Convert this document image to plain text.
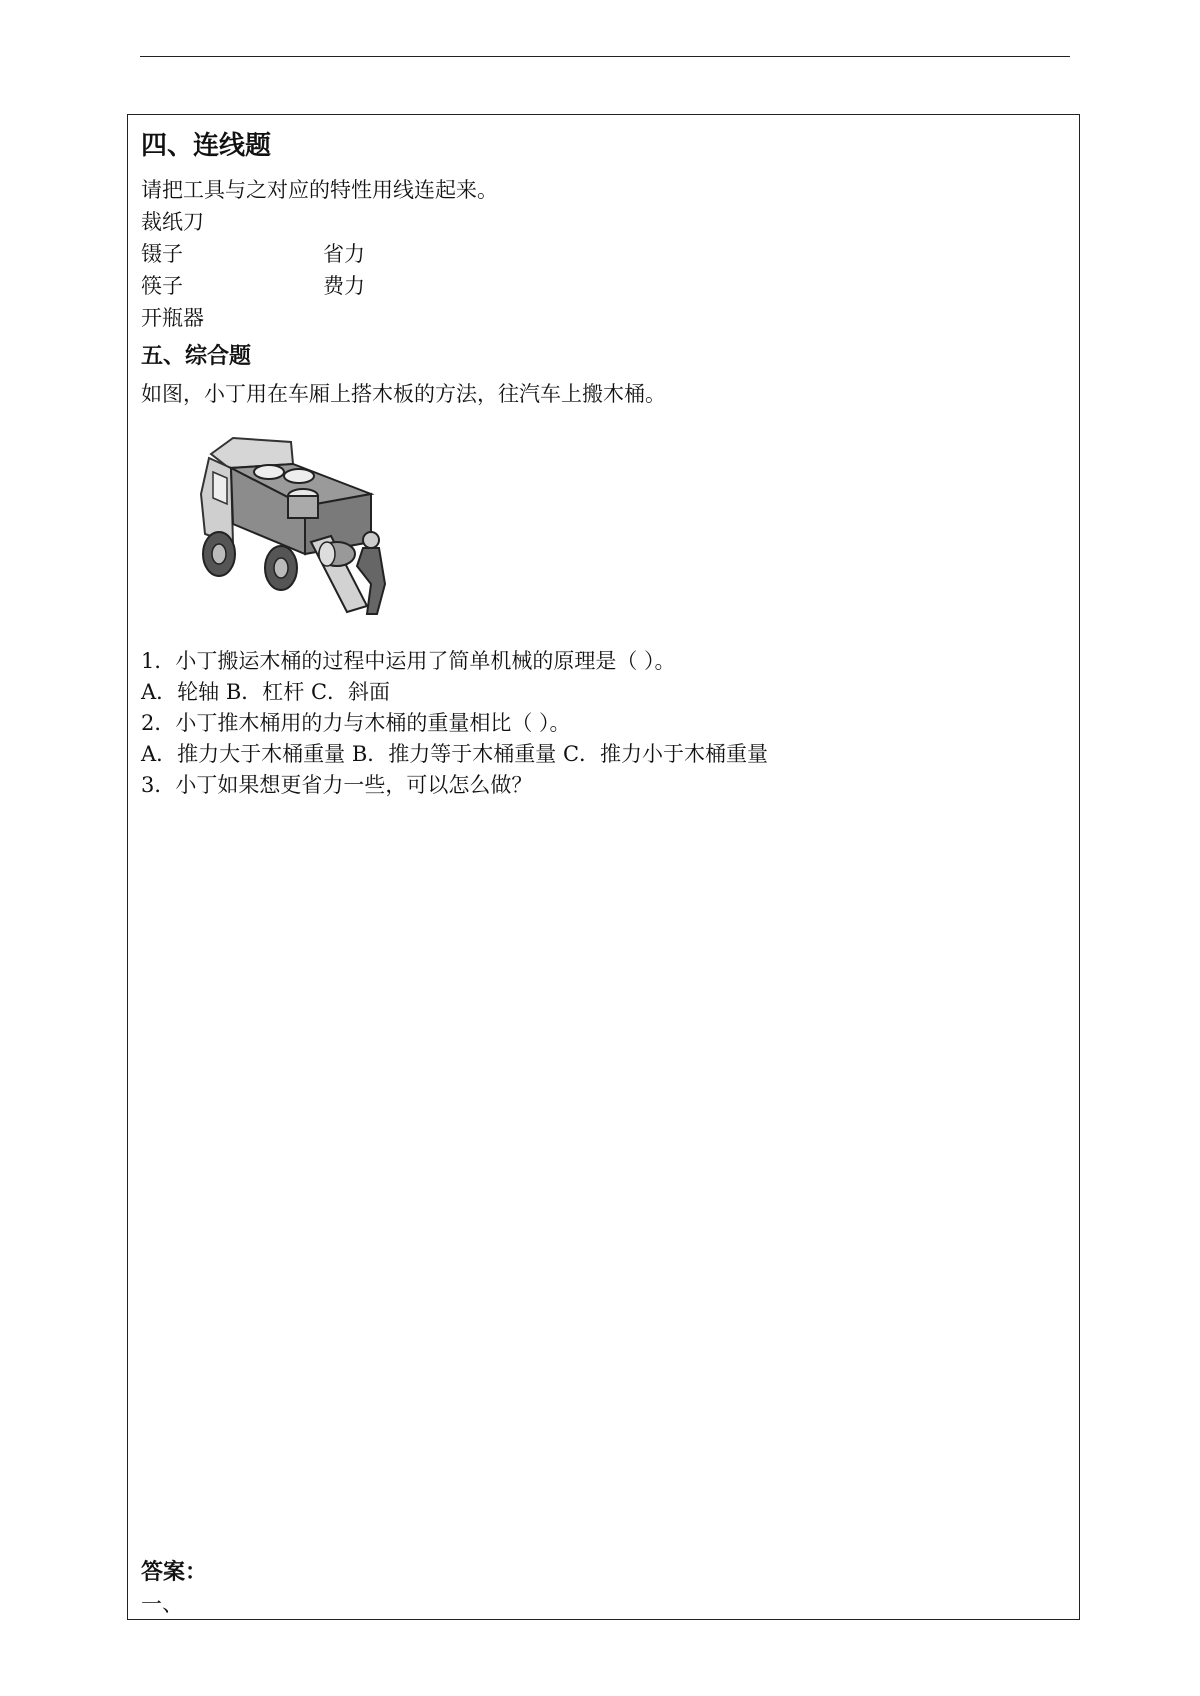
四、连线题
请把工具与之对应的特性用线连起来。
裁纸刀
镊子	省力
筷子	费力
开瓶器
五、综合题
如图，小丁用在车厢上搭木板的方法，往汽车上搬木桶。
1．小丁搬运木桶的过程中运用了简单机械的原理是（ ）。
A．轮轴 B．杠杆 C．斜面
2．小丁推木桶用的力与木桶的重量相比（ ）。
A．推力大于木桶重量 B．推力等于木桶重量 C．推力小于木桶重量
3．小丁如果想更省力一些，可以怎么做？
答案：
一、
